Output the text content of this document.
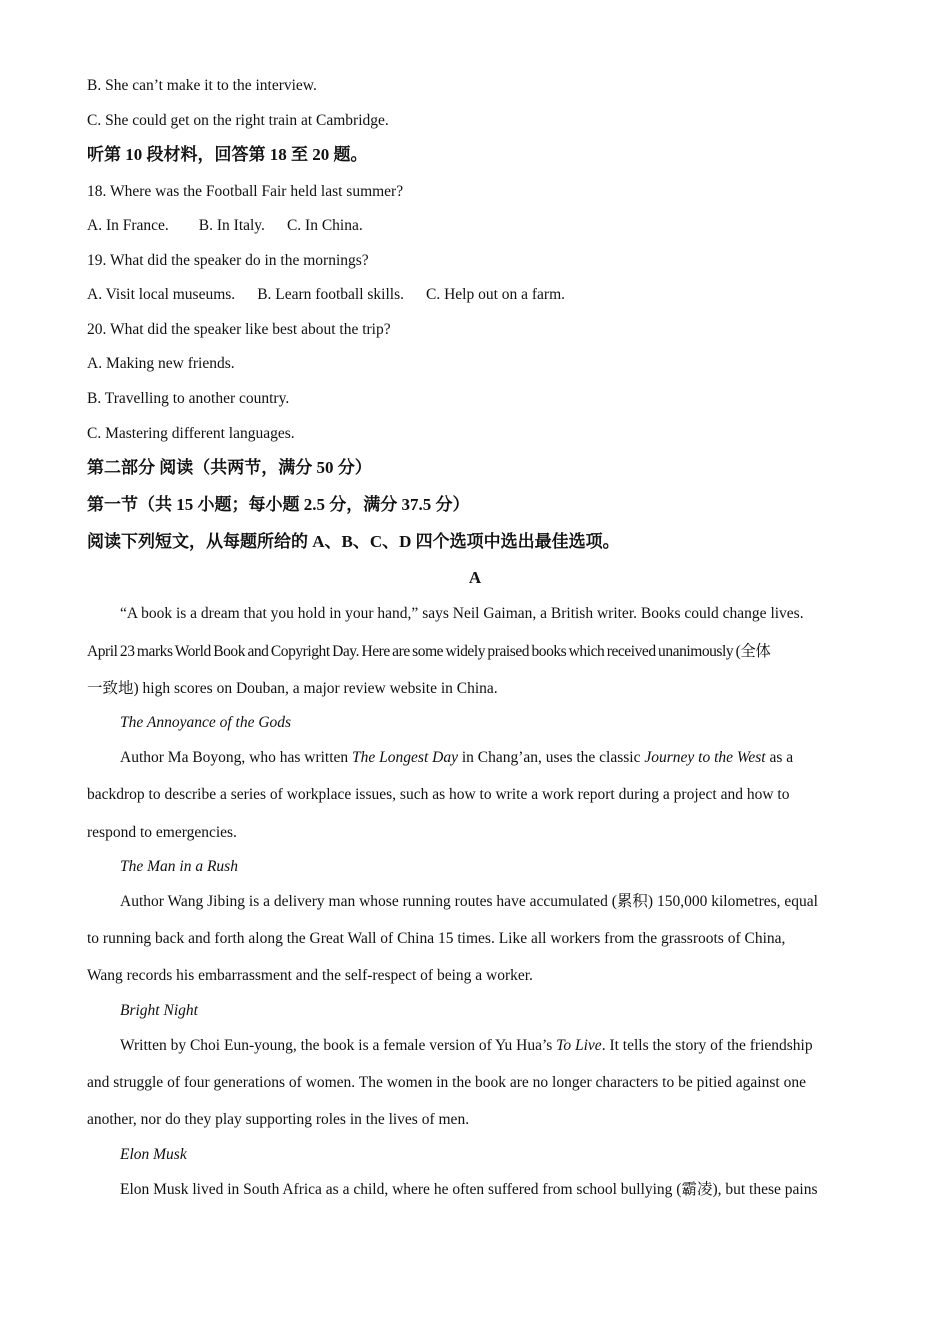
B. She can’t make it to the interview.
C. She could get on the right train at Cambridge.
听第 10 段材料，回答第 18 至 20 题。
18. Where was the Football Fair held last summer?
A. In France. B. In Italy. C. In China.
19. What did the speaker do in the mornings?
A. Visit local museums. B. Learn football skills. C. Help out on a farm.
20. What did the speaker like best about the trip?
A. Making new friends.
B. Travelling to another country.
C. Mastering different languages.
第二部分 阅读（共两节，满分 50 分）
第一节（共 15 小题；每小题 2.5 分，满分 37.5 分）
阅读下列短文，从每题所给的 A、B、C、D 四个选项中选出最佳选项。
A
“A book is a dream that you hold in your hand,” says Neil Gaiman, a British writer. Books could change lives.
April 23 marks World Book and Copyright Day. Here are some widely praised books which received unanimously (全体
一致地) high scores on Douban, a major review website in China.
The Annoyance of the Gods
Author Ma Boyong, who has written The Longest Day in Chang’an, uses the classic Journey to the West as a
backdrop to describe a series of workplace issues, such as how to write a work report during a project and how to
respond to emergencies.
The Man in a Rush
Author Wang Jibing is a delivery man whose running routes have accumulated (累积) 150,000 kilometres, equal
to running back and forth along the Great Wall of China 15 times. Like all workers from the grassroots of China,
Wang records his embarrassment and the self-respect of being a worker.
Bright Night
Written by Choi Eun-young, the book is a female version of Yu Hua’s To Live. It tells the story of the friendship
and struggle of four generations of women. The women in the book are no longer characters to be pitied against one
another, nor do they play supporting roles in the lives of men.
Elon Musk
Elon Musk lived in South Africa as a child, where he often suffered from school bullying (霸凌), but these pains
